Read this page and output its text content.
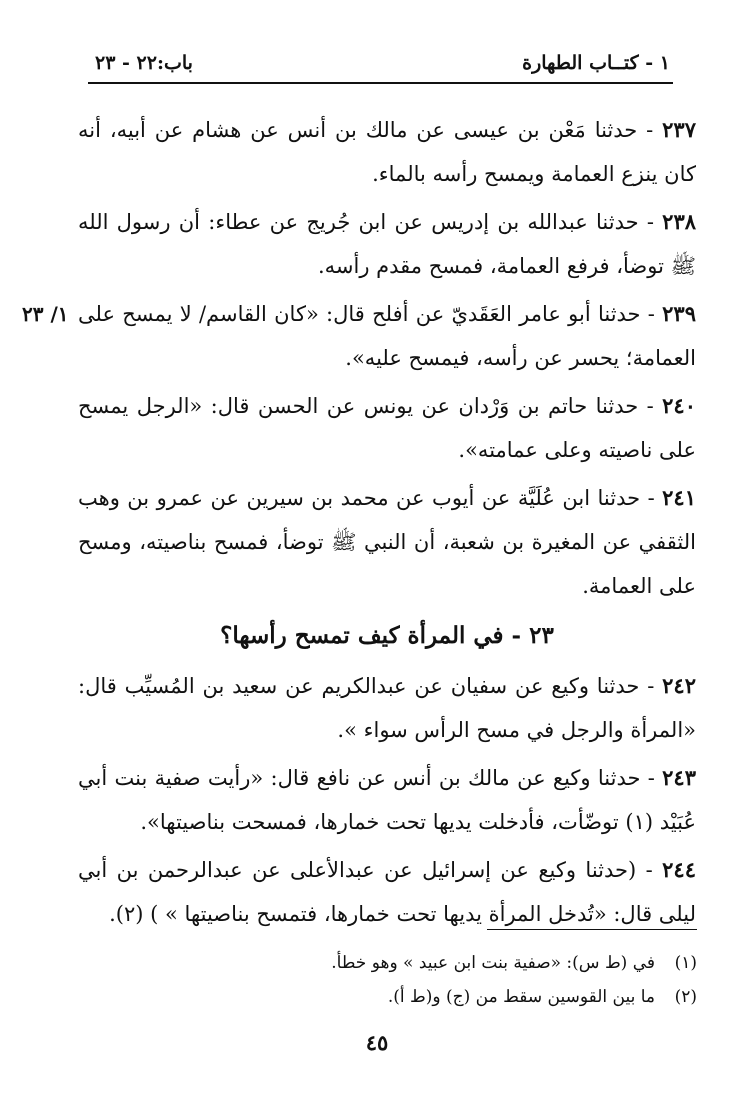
١ - كتــاب الطهارة
باب:٢٢ - ٢٣
١/ ٢٣

٢٣٧ - حدثنا مَعْن بن عيسى عن مالك بن أنس عن هشام عن أبيه، أنه كان ينزع العمامة ويمسح رأسه بالماء.

٢٣٨ - حدثنا عبدالله بن إدريس عن ابن جُريج عن عطاء: أن رسول الله ﷺ توضأ، فرفع العمامة، فمسح مقدم رأسه.

٢٣٩ - حدثنا أبو عامر العَقَديّ عن أفلح قال: «كان القاسم/ لا يمسح على العمامة؛ يحسر عن رأسه، فيمسح عليه».

٢٤٠ - حدثنا حاتم بن وَرْدان عن يونس عن الحسن قال: «الرجل يمسح على ناصيته وعلى عمامته».

٢٤١ - حدثنا ابن عُلَيَّة عن أيوب عن محمد بن سيرين عن عمرو بن وهب الثقفي عن المغيرة بن شعبة، أن النبي ﷺ توضأ، فمسح بناصيته، ومسح على العمامة.

٢٣ - في المرأة كيف تمسح رأسها؟

٢٤٢ - حدثنا وكيع عن سفيان عن عبدالكريم عن سعيد بن المُسيِّب قال: «المرأة والرجل في مسح الرأس سواء ».

٢٤٣ - حدثنا وكيع عن مالك بن أنس عن نافع قال: «رأيت صفية بنت أبي عُبَيْد (١) توضّأت، فأدخلت يديها تحت خمارها، فمسحت بناصيتها».

٢٤٤ - (حدثنا وكيع عن إسرائيل عن عبدالأعلى عن عبدالرحمن بن أبي ليلى قال: «تُدخل المرأة يديها تحت خمارها، فتمسح بناصيتها » ) (٢).

(١)في (ط س): «صفية بنت ابن عبيد » وهو خطأ.
(٢)ما بين القوسين سقط من (ج) و(ط أ).
٤٥
